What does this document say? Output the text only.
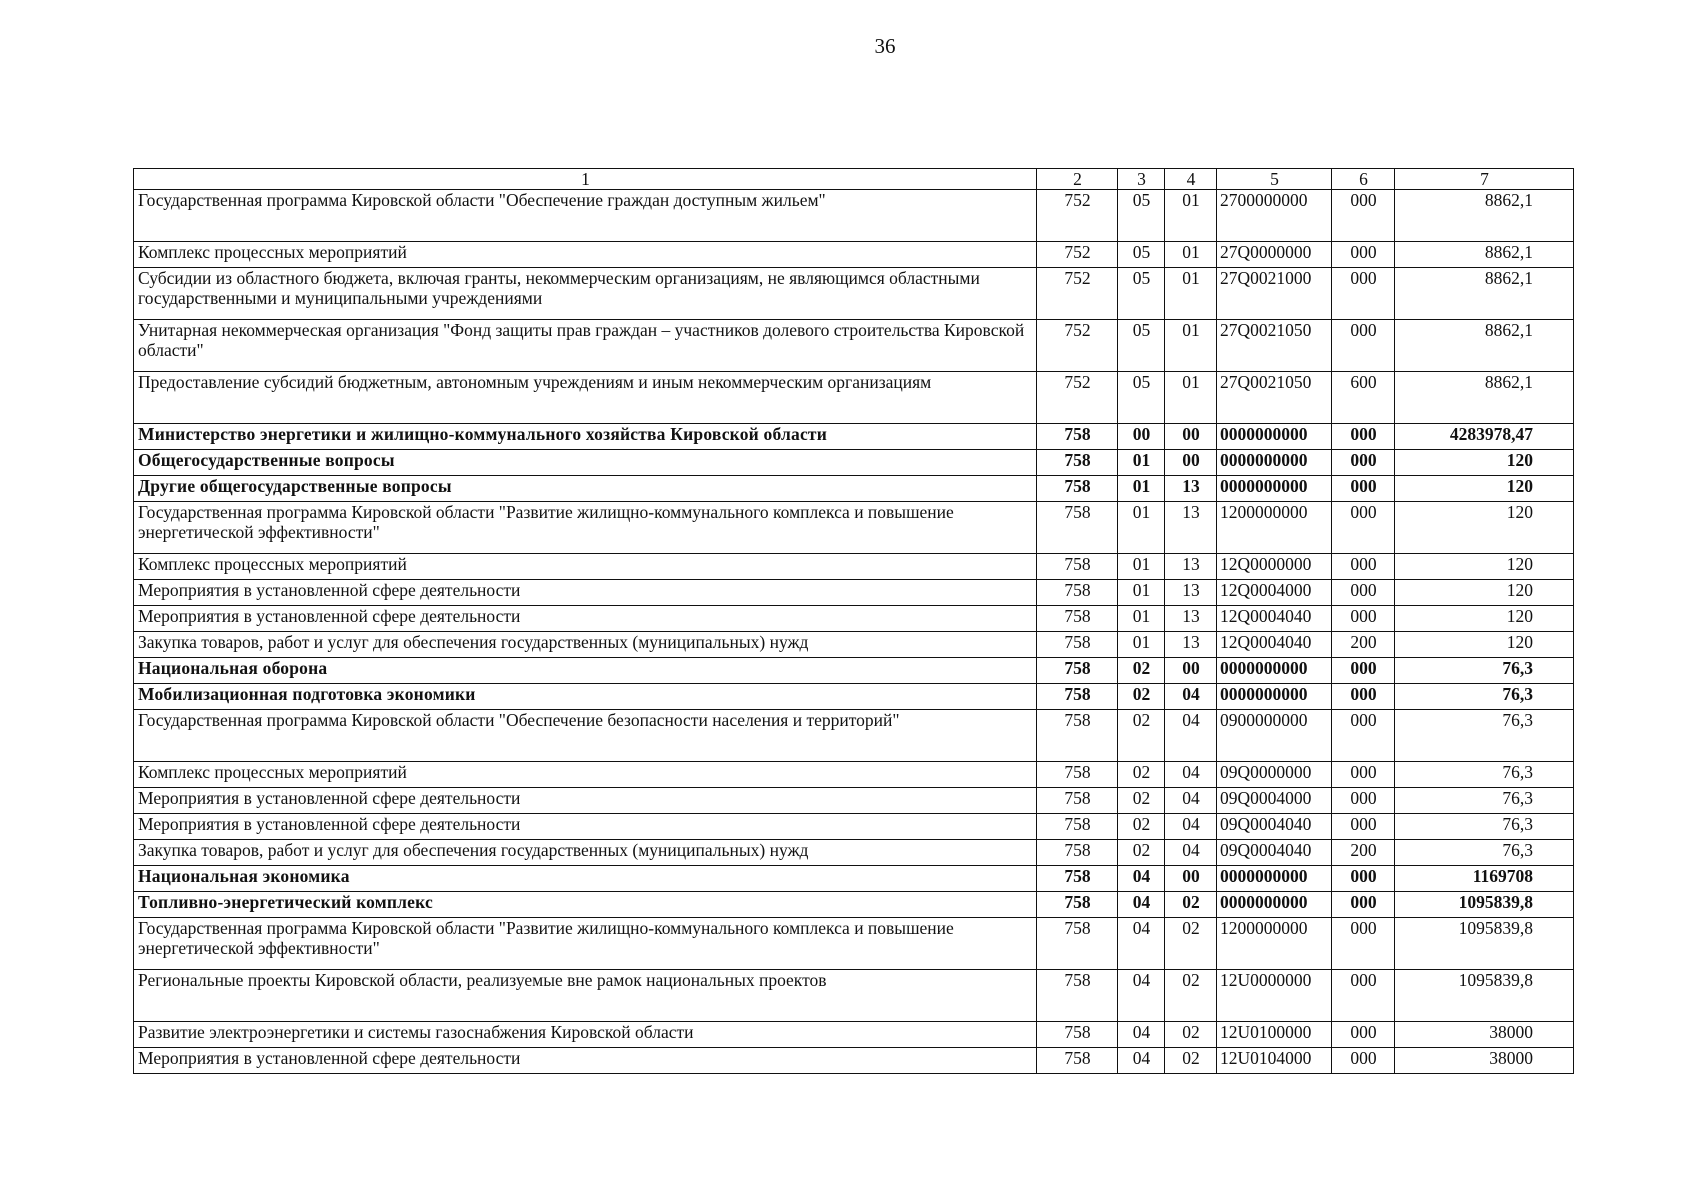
36
1	2	3	4	5	6	7
Государственная программа Кировской области "Обеспечение граждан доступным жильем"	752	05	01	2700000000	000	8862,1
Комплекс процессных мероприятий	752	05	01	27Q0000000	000	8862,1
Субсидии из областного бюджета, включая гранты, некоммерческим организациям, не являющимся областными государственными и муниципальными учреждениями	752	05	01	27Q0021000	000	8862,1
Унитарная некоммерческая организация "Фонд защиты прав граждан – участников долевого строительства Кировской области"	752	05	01	27Q0021050	000	8862,1
Предоставление субсидий бюджетным, автономным учреждениям и иным некоммерческим организациям	752	05	01	27Q0021050	600	8862,1
Министерство энергетики и жилищно-коммунального хозяйства Кировской области	758	00	00	0000000000	000	4283978,47
Общегосударственные вопросы	758	01	00	0000000000	000	120
Другие общегосударственные вопросы	758	01	13	0000000000	000	120
Государственная программа Кировской области "Развитие жилищно-коммунального комплекса и повышение энергетической эффективности"	758	01	13	1200000000	000	120
Комплекс процессных мероприятий	758	01	13	12Q0000000	000	120
Мероприятия в установленной сфере деятельности	758	01	13	12Q0004000	000	120
Мероприятия в установленной сфере деятельности	758	01	13	12Q0004040	000	120
Закупка товаров, работ и услуг для обеспечения государственных (муниципальных) нужд	758	01	13	12Q0004040	200	120
Национальная оборона	758	02	00	0000000000	000	76,3
Мобилизационная подготовка экономики	758	02	04	0000000000	000	76,3
Государственная программа Кировской области "Обеспечение безопасности населения и территорий"	758	02	04	0900000000	000	76,3
Комплекс процессных мероприятий	758	02	04	09Q0000000	000	76,3
Мероприятия в установленной сфере деятельности	758	02	04	09Q0004000	000	76,3
Мероприятия в установленной сфере деятельности	758	02	04	09Q0004040	000	76,3
Закупка товаров, работ и услуг для обеспечения государственных (муниципальных) нужд	758	02	04	09Q0004040	200	76,3
Национальная экономика	758	04	00	0000000000	000	1169708
Топливно-энергетический комплекс	758	04	02	0000000000	000	1095839,8
Государственная программа Кировской области "Развитие жилищно-коммунального комплекса и повышение энергетической эффективности"	758	04	02	1200000000	000	1095839,8
Региональные проекты Кировской области, реализуемые вне рамок национальных проектов	758	04	02	12U0000000	000	1095839,8
Развитие электроэнергетики и системы газоснабжения Кировской области	758	04	02	12U0100000	000	38000
Мероприятия в установленной сфере деятельности	758	04	02	12U0104000	000	38000
